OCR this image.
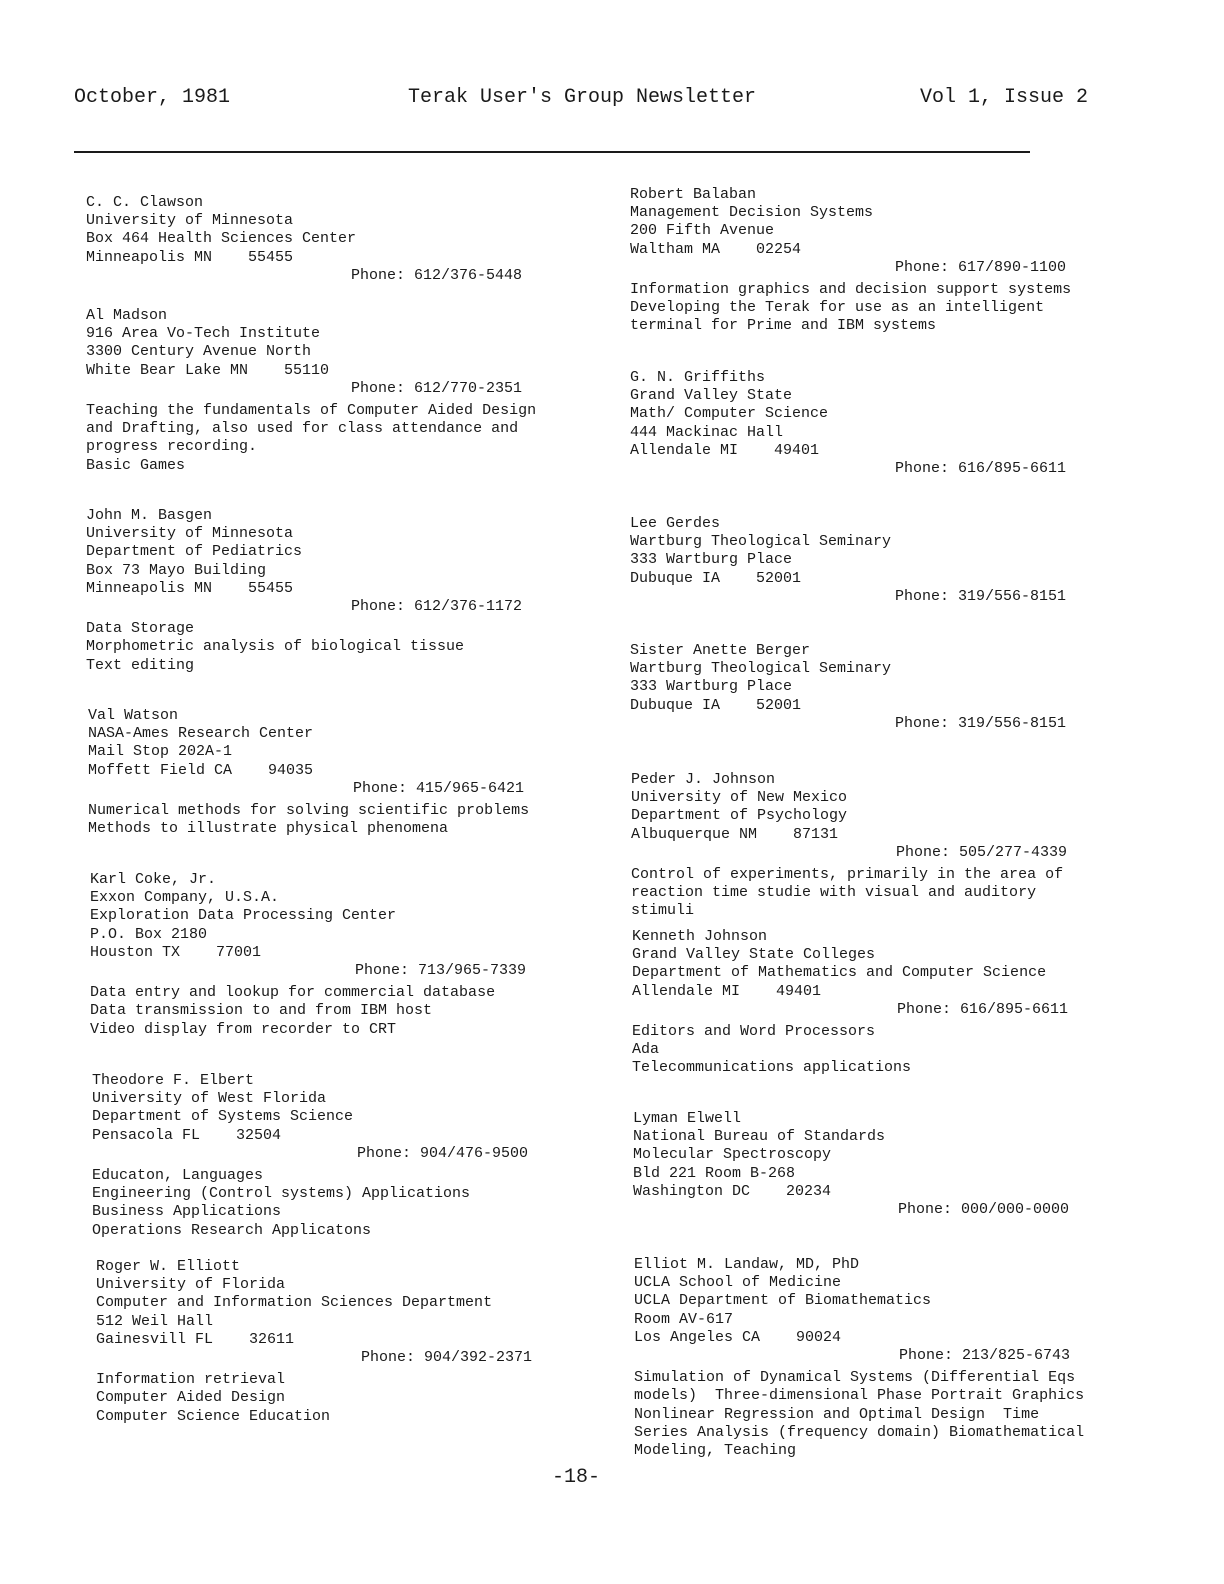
October, 1981	Terak User's Group Newsletter	Vol 1, Issue 2
C. C. Clawson
University of Minnesota
Box 464 Health Sciences Center
Minneapolis MN    55455
Phone: 612/376-5448
Al Madson
916 Area Vo-Tech Institute
3300 Century Avenue North
White Bear Lake MN    55110
Phone: 612/770-2351
Teaching the fundamentals of Computer Aided Design
and Drafting, also used for class attendance and
progress recording.
Basic Games
John M. Basgen
University of Minnesota
Department of Pediatrics
Box 73 Mayo Building
Minneapolis MN    55455
Phone: 612/376-1172
Data Storage
Morphometric analysis of biological tissue
Text editing
Val Watson
NASA-Ames Research Center
Mail Stop 202A-1
Moffett Field CA    94035
Phone: 415/965-6421
Numerical methods for solving scientific problems
Methods to illustrate physical phenomena
Karl Coke, Jr.
Exxon Company, U.S.A.
Exploration Data Processing Center
P.O. Box 2180
Houston TX    77001
Phone: 713/965-7339
Data entry and lookup for commercial database
Data transmission to and from IBM host
Video display from recorder to CRT
Theodore F. Elbert
University of West Florida
Department of Systems Science
Pensacola FL    32504
Phone: 904/476-9500
Educaton, Languages
Engineering (Control systems) Applications
Business Applications
Operations Research Applicatons
Roger W. Elliott
University of Florida
Computer and Information Sciences Department
512 Weil Hall
Gainesvill FL    32611
Phone: 904/392-2371
Information retrieval
Computer Aided Design
Computer Science Education
Robert Balaban
Management Decision Systems
200 Fifth Avenue
Waltham MA    02254
Phone: 617/890-1100
Information graphics and decision support systems
Developing the Terak for use as an intelligent
terminal for Prime and IBM systems
G. N. Griffiths
Grand Valley State
Math/ Computer Science
444 Mackinac Hall
Allendale MI    49401
Phone: 616/895-6611
Lee Gerdes
Wartburg Theological Seminary
333 Wartburg Place
Dubuque IA    52001
Phone: 319/556-8151
Sister Anette Berger
Wartburg Theological Seminary
333 Wartburg Place
Dubuque IA    52001
Phone: 319/556-8151
Peder J. Johnson
University of New Mexico
Department of Psychology
Albuquerque NM    87131
Phone: 505/277-4339
Control of experiments, primarily in the area of
reaction time studie with visual and auditory
stimuli
Kenneth Johnson
Grand Valley State Colleges
Department of Mathematics and Computer Science
Allendale MI    49401
Phone: 616/895-6611
Editors and Word Processors
Ada
Telecommunications applications
Lyman Elwell
National Bureau of Standards
Molecular Spectroscopy
Bld 221 Room B-268
Washington DC    20234
Phone: 000/000-0000
Elliot M. Landaw, MD, PhD
UCLA School of Medicine
UCLA Department of Biomathematics
Room AV-617
Los Angeles CA    90024
Phone: 213/825-6743
Simulation of Dynamical Systems (Differential Eqs
models)  Three-dimensional Phase Portrait Graphics
Nonlinear Regression and Optimal Design  Time
Series Analysis (frequency domain) Biomathematical
Modeling, Teaching
-18-
